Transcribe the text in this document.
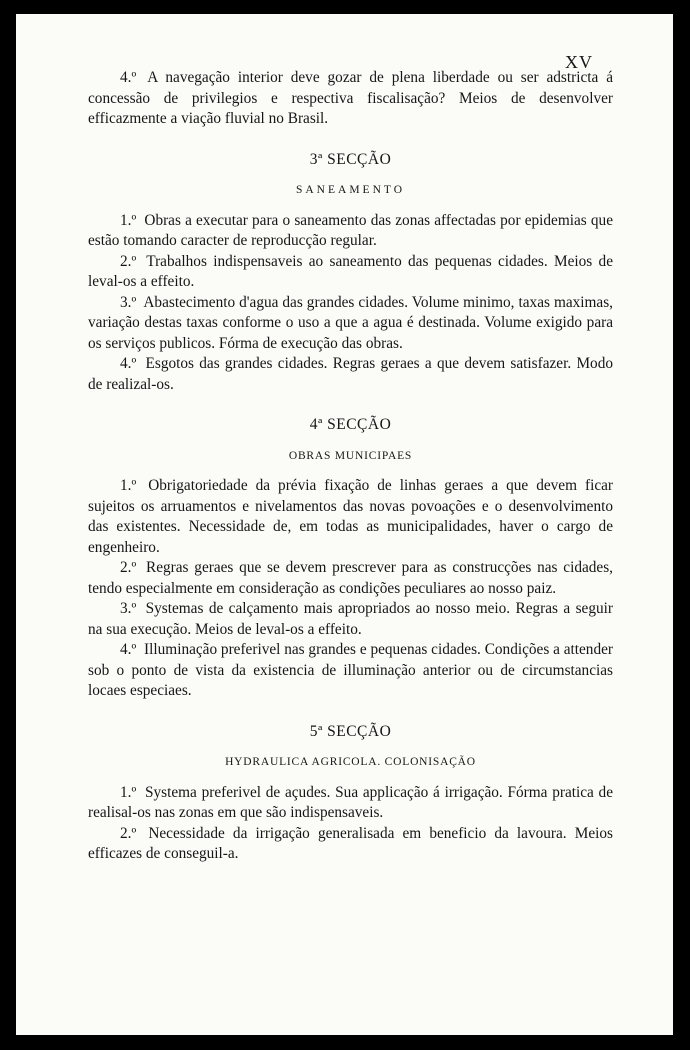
XV

4.º A navegação interior deve gozar de plena liberdade ou ser adstricta á concessão de privilegios e respectiva fiscalisação? Meios de desenvolver efficazmente a viação fluvial no Brasil.

3ª SECÇÃO
SANEAMENTO

1.º Obras a executar para o saneamento das zonas affectadas por epidemias que estão tomando caracter de reproducção regular.

2.º Trabalhos indispensaveis ao saneamento das pequenas cidades. Meios de leval-os a effeito.

3.º Abastecimento d'agua das grandes cidades. Volume minimo, taxas maximas, variação destas taxas conforme o uso a que a agua é destinada. Volume exigido para os serviços publicos. Fórma de execução das obras.

4.º Esgotos das grandes cidades. Regras geraes a que devem satisfazer. Modo de realizal-os.

4ª SECÇÃO
OBRAS MUNICIPAES

1.º Obrigatoriedade da prévia fixação de linhas geraes a que devem ficar sujeitos os arruamentos e nivelamentos das novas povoações e o desenvolvimento das existentes. Necessidade de, em todas as municipalidades, haver o cargo de engenheiro.

2.º Regras geraes que se devem prescrever para as construcções nas cidades, tendo especialmente em consideração as condições peculiares ao nosso paiz.

3.º Systemas de calçamento mais apropriados ao nosso meio. Regras a seguir na sua execução. Meios de leval-os a effeito.

4.º Illuminação preferivel nas grandes e pequenas cidades. Condições a attender sob o ponto de vista da existencia de illuminação anterior ou de circumstancias locaes especiaes.

5ª SECÇÃO
HYDRAULICA AGRICOLA. COLONISAÇÃO

1.º Systema preferivel de açudes. Sua applicação á irrigação. Fórma pratica de realisal-os nas zonas em que são indispensaveis.

2.º Necessidade da irrigação generalisada em beneficio da lavoura. Meios efficazes de conseguil-a.
